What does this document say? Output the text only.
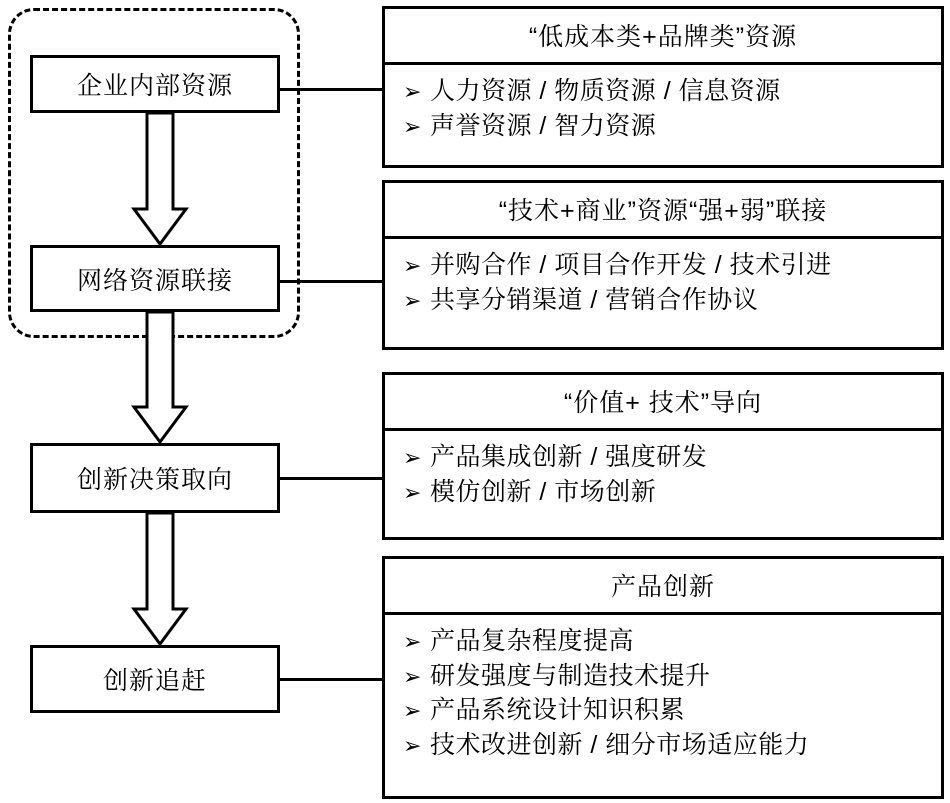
企业内部资源
网络资源联接
创新决策取向
创新追赶
“低成本类+品牌类”资源
➢ 人力资源 / 物质资源 / 信息资源
➢ 声誉资源 / 智力资源
“技术+商业”资源“强+弱”联接
➢ 并购合作 / 项目合作开发 / 技术引进
➢ 共享分销渠道 / 营销合作协议
“价值+ 技术”导向
➢ 产品集成创新 / 强度研发
➢ 模仿创新 / 市场创新
产品创新
➢ 产品复杂程度提高
➢ 研发强度与制造技术提升
➢ 产品系统设计知识积累
➢ 技术改进创新 / 细分市场适应能力
